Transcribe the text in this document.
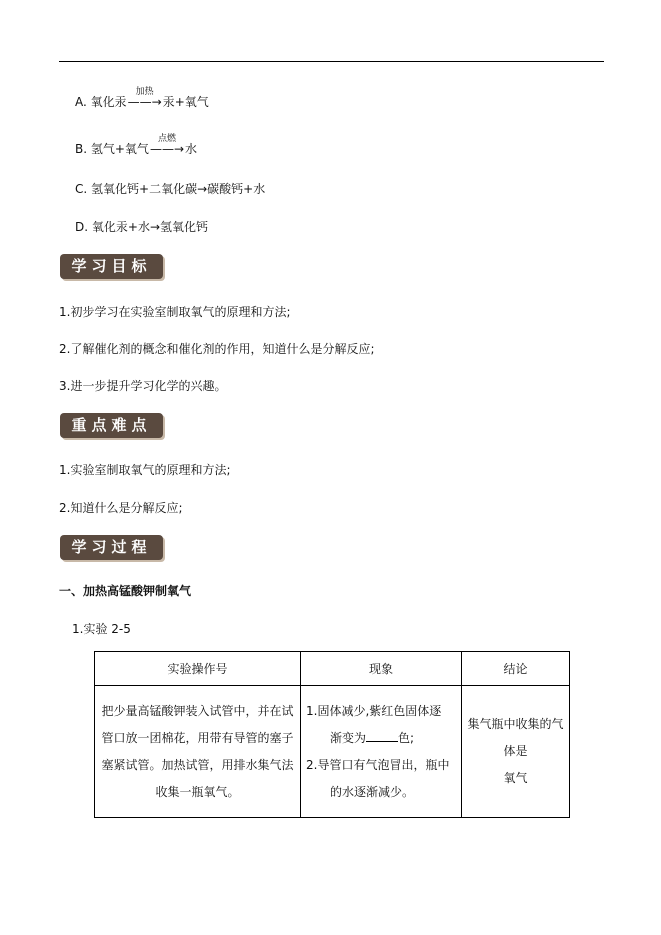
A. 氧化汞
加热
——→汞+氧气
B. 氢气+氧气
点燃
——→水
C. 氢氧化钙+二氧化碳→碳酸钙+水
D. 氧化汞+水→氢氧化钙
学习目标
1.初步学习在实验室制取氧气的原理和方法;
2.了解催化剂的概念和催化剂的作用，知道什么是分解反应;
3.进一步提升学习化学的兴趣。
重点难点
1.实验室制取氧气的原理和方法;
2.知道什么是分解反应;
学习过程
一、加热高锰酸钾制氧气
1.实验 2-5
实验操作号	现象	结论

把少量高锰酸钾装入试管中，并在试
管口放一团棉花，用带有导管的塞子
塞紧试管。加热试管，用排水集气法
收集一瓶氧气。	1.固体减少,紫红色固体逐
渐变为 色;
2.导管口有气泡冒出，瓶中
的水逐渐减少。	集气瓶中收集的气体是
氧气
